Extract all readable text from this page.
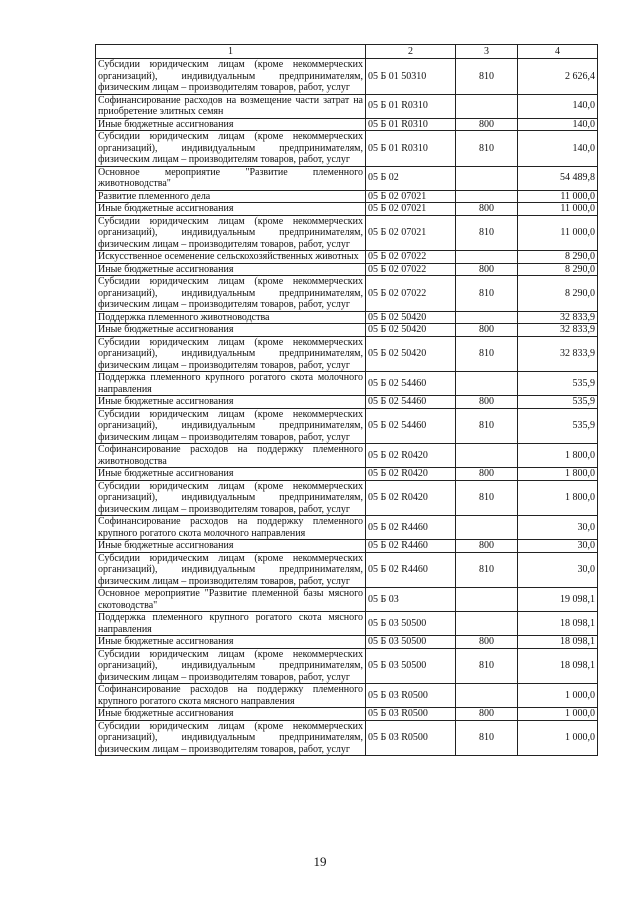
1	2	3	4
Субсидии юридическим лицам (кроме некоммерческих организаций), индивидуальным предпринимателям, физическим лицам – производителям товаров, работ, услуг	05 Б 01 50310	810	2 626,4
Софинансирование расходов на возмещение части затрат на приобретение элитных семян	05 Б 01 R0310		140,0
Иные бюджетные ассигнования	05 Б 01 R0310	800	140,0
Субсидии юридическим лицам (кроме некоммерческих организаций), индивидуальным предпринимателям, физическим лицам – производителям товаров, работ, услуг	05 Б 01 R0310	810	140,0
Основное мероприятие "Развитие племенного животноводства"	05 Б 02		54 489,8
Развитие племенного дела	05 Б 02 07021		11 000,0
Иные бюджетные ассигнования	05 Б 02 07021	800	11 000,0
Субсидии юридическим лицам (кроме некоммерческих организаций), индивидуальным предпринимателям, физическим лицам – производителям товаров, работ, услуг	05 Б 02 07021	810	11 000,0
Искусственное осеменение сельскохозяйственных животных	05 Б 02 07022		8 290,0
Иные бюджетные ассигнования	05 Б 02 07022	800	8 290,0
Субсидии юридическим лицам (кроме некоммерческих организаций), индивидуальным предпринимателям, физическим лицам – производителям товаров, работ, услуг	05 Б 02 07022	810	8 290,0
Поддержка племенного животноводства	05 Б 02 50420		32 833,9
Иные бюджетные ассигнования	05 Б 02 50420	800	32 833,9
Субсидии юридическим лицам (кроме некоммерческих организаций), индивидуальным предпринимателям, физическим лицам – производителям товаров, работ, услуг	05 Б 02 50420	810	32 833,9
Поддержка племенного крупного рогатого скота молочного направления	05 Б 02 54460		535,9
Иные бюджетные ассигнования	05 Б 02 54460	800	535,9
Субсидии юридическим лицам (кроме некоммерческих организаций), индивидуальным предпринимателям, физическим лицам – производителям товаров, работ, услуг	05 Б 02 54460	810	535,9
Софинансирование расходов на поддержку племенного животноводства	05 Б 02 R0420		1 800,0
Иные бюджетные ассигнования	05 Б 02 R0420	800	1 800,0
Субсидии юридическим лицам (кроме некоммерческих организаций), индивидуальным предпринимателям, физическим лицам – производителям товаров, работ, услуг	05 Б 02 R0420	810	1 800,0
Софинансирование расходов на поддержку племенного крупного рогатого скота молочного направления	05 Б 02 R4460		30,0
Иные бюджетные ассигнования	05 Б 02 R4460	800	30,0
Субсидии юридическим лицам (кроме некоммерческих организаций), индивидуальным предпринимателям, физическим лицам – производителям товаров, работ, услуг	05 Б 02 R4460	810	30,0
Основное мероприятие "Развитие племенной базы мясного скотоводства"	05 Б 03		19 098,1
Поддержка племенного крупного рогатого скота мясного направления	05 Б 03 50500		18 098,1
Иные бюджетные ассигнования	05 Б 03 50500	800	18 098,1
Субсидии юридическим лицам (кроме некоммерческих организаций), индивидуальным предпринимателям, физическим лицам – производителям товаров, работ, услуг	05 Б 03 50500	810	18 098,1
Софинансирование расходов на поддержку племенного крупного рогатого скота мясного направления	05 Б 03 R0500		1 000,0
Иные бюджетные ассигнования	05 Б 03 R0500	800	1 000,0
Субсидии юридическим лицам (кроме некоммерческих организаций), индивидуальным предпринимателям, физическим лицам – производителям товаров, работ, услуг	05 Б 03 R0500	810	1 000,0
19
